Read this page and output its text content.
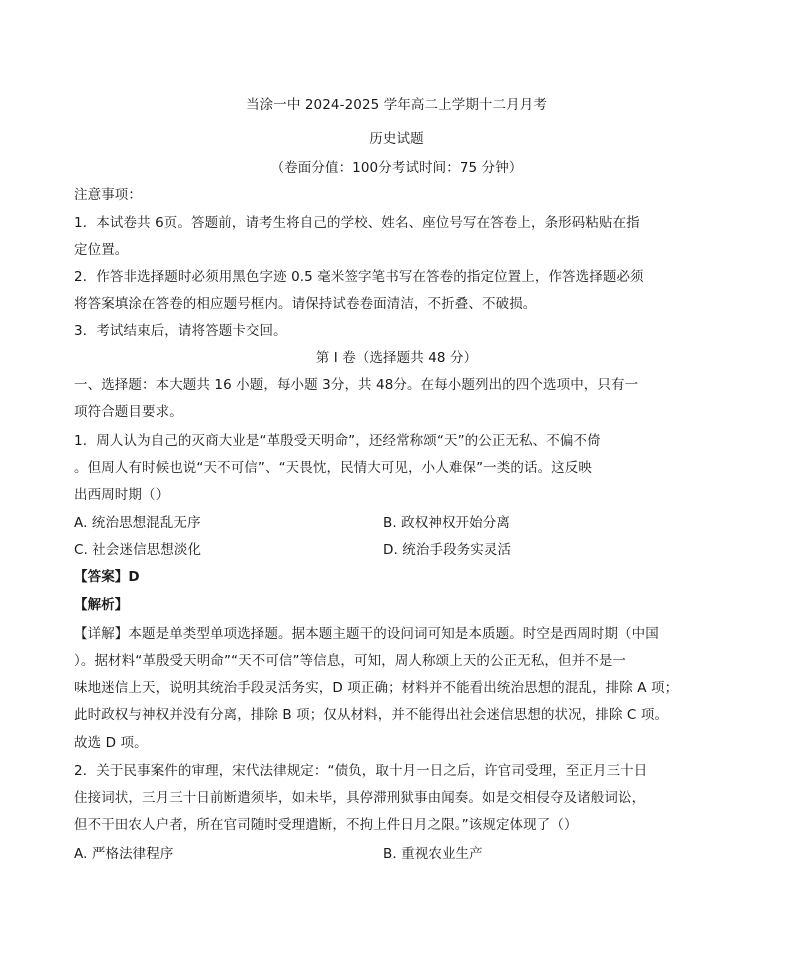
当涂一中 2024-2025 学年高二上学期十二月月考
历史试题
（卷面分值：100分考试时间：75 分钟）
注意事项：
1．本试卷共 6页。答题前，请考生将自己的学校、姓名、座位号写在答卷上，条形码粘贴在指
定位置。
2．作答非选择题时必须用黑色字迹 0.5 毫米签字笔书写在答卷的指定位置上，作答选择题必须
将答案填涂在答卷的相应题号框内。请保持试卷卷面清洁，不折叠、不破损。
3．考试结束后，请将答题卡交回。
第 I 卷（选择题共 48 分）
一、选择题：本大题共 16 小题，每小题 3分，共 48分。在每小题列出的四个选项中，只有一
项符合题目要求。
1．周人认为自己的灭商大业是“革殷受天明命”，还经常称颂“天”的公正无私、不偏不倚
。但周人有时候也说“天不可信”、“天畏忱，民情大可见，小人难保”一类的话。这反映
出西周时期（）
A. 统治思想混乱无序	B. 政权神权开始分离
C. 社会迷信思想淡化	D. 统治手段务实灵活
【答案】D
【解析】
【详解】本题是单类型单项选择题。据本题主题干的设问词可知是本质题。时空是西周时期（中国
）。据材料“革殷受天明命”“天不可信”等信息，可知，周人称颂上天的公正无私，但并不是一
味地迷信上天，说明其统治手段灵活务实，D 项正确；材料并不能看出统治思想的混乱，排除 A 项；
此时政权与神权并没有分离，排除 B 项；仅从材料，并不能得出社会迷信思想的状况，排除 C 项。
故选 D 项。
2．关于民事案件的审理，宋代法律规定：“债负，取十月一日之后，许官司受理，至正月三十日
住接词状，三月三十日前断遣须毕，如未毕，具停滞刑狱事由闻奏。如是交相侵夺及诸般词讼，
但不干田农人户者，所在官司随时受理遣断，不拘上件日月之限。”该规定体现了（）
A. 严格法律程序	B. 重视农业生产
